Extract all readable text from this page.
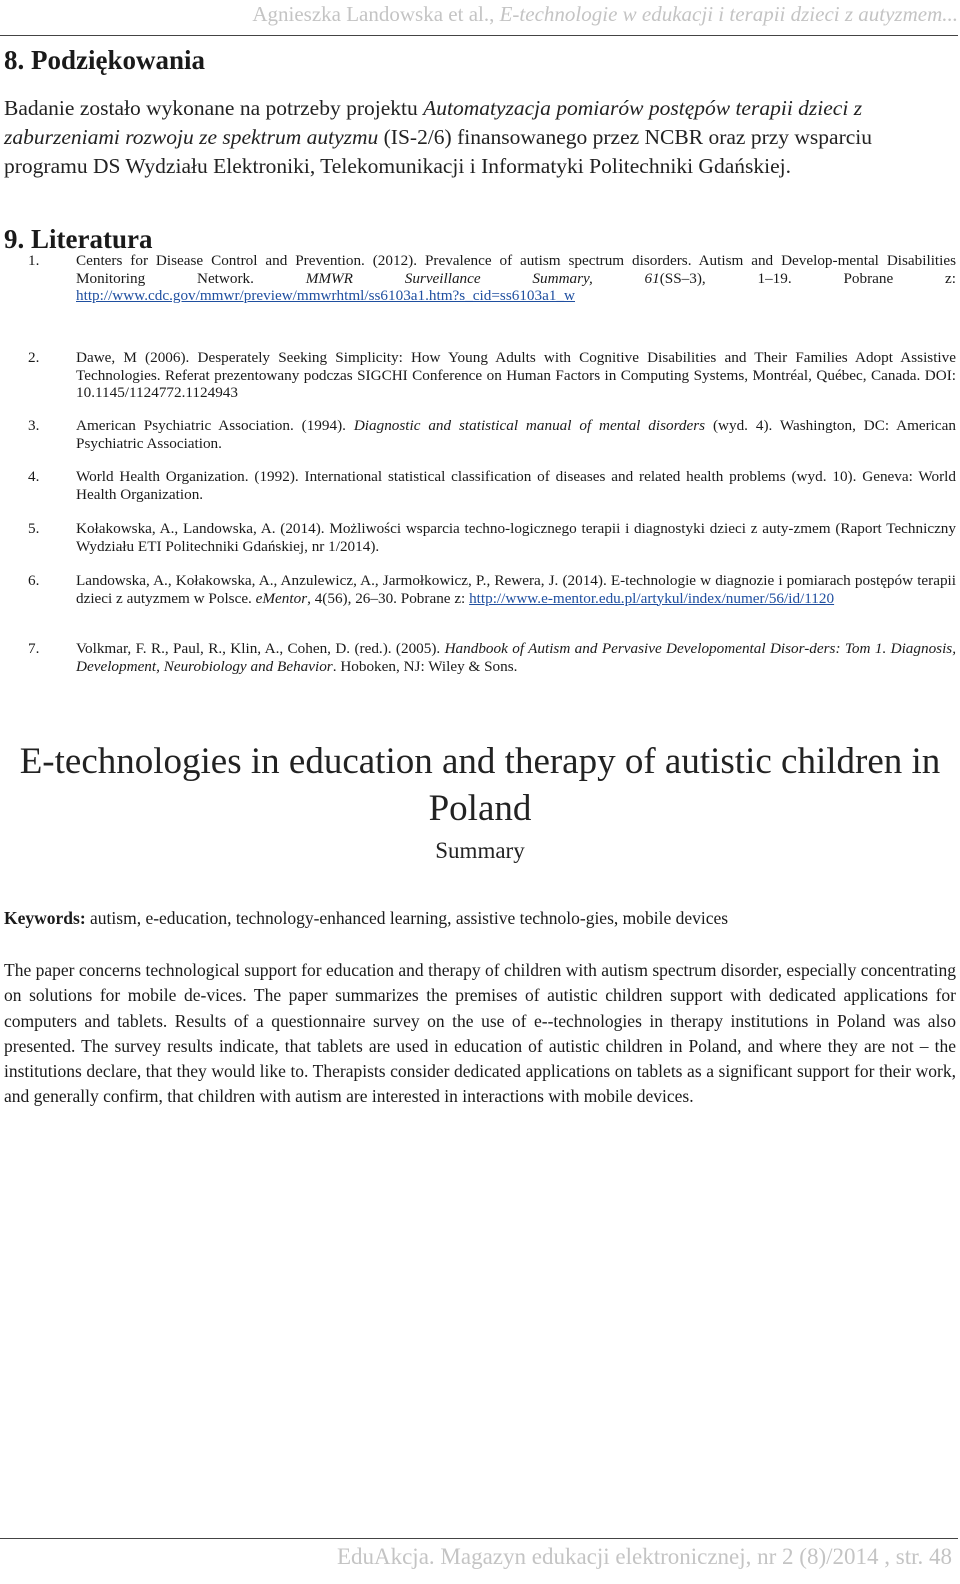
Agnieszka Landowska et al., E-technologie w edukacji i terapii dzieci z autyzmem...
8. Podziękowania

Badanie zostało wykonane na potrzeby projektu Automatyzacja pomiarów postępów terapii dzieci z zaburzeniami rozwoju ze spektrum autyzmu (IS-2/6) finansowanego przez NCBR oraz przy wsparciu programu DS Wydziału Elektroniki, Telekomunikacji i Informatyki Politechniki Gdańskiej.

9. Literatura
1.	Centers for Disease Control and Prevention. (2012). Prevalence of autism spectrum disorders. Autism and Develop-mental Disabilities Monitoring Network. MMWR Surveillance Summary, 61(SS–3), 1–19. Pobrane z: http://www.cdc.gov/mmwr/preview/mmwrhtml/ss6103a1.htm?s_cid=ss6103a1_w
2.	Dawe, M (2006). Desperately Seeking Simplicity: How Young Adults with Cognitive Disabilities and Their Families Adopt Assistive Technologies. Referat prezentowany podczas SIGCHI Conference on Human Factors in Computing Systems, Montréal, Québec, Canada. DOI: 10.1145/1124772.1124943
3.	American Psychiatric Association. (1994). Diagnostic and statistical manual of mental disorders (wyd. 4). Washington, DC: American Psychiatric Association.
4.	World Health Organization. (1992). International statistical classification of diseases and related health problems (wyd. 10). Geneva: World Health Organization.
5.	Kołakowska, A., Landowska, A. (2014). Możliwości wsparcia techno-logicznego terapii i diagnostyki dzieci z auty-zmem (Raport Techniczny Wydziału ETI Politechniki Gdańskiej, nr 1/2014).
6.	Landowska, A., Kołakowska, A., Anzulewicz, A., Jarmołkowicz, P., Rewera, J. (2014). E-technologie w diagnozie i pomiarach postępów terapii dzieci z autyzmem w Polsce. eMentor, 4(56), 26–30. Pobrane z: http://www.e-mentor.edu.pl/artykul/index/numer/56/id/1120
7.	Volkmar, F. R., Paul, R., Klin, A., Cohen, D. (red.). (2005). Handbook of Autism and Pervasive Developomental Disor-ders: Tom 1. Diagnosis, Development, Neurobiology and Behavior. Hoboken, NJ: Wiley & Sons.
E-technologies in education and therapy of autistic children in Poland

Summary

Keywords: autism, e-education, technology-enhanced learning, assistive technolo-gies, mobile devices

The paper concerns technological support for education and therapy of children with autism spectrum disorder, especially concentrating on solutions for mobile de-vices. The paper summarizes the premises of autistic children support with dedicated applications for computers and tablets. Results of a questionnaire survey on the use of e--technologies in therapy institutions in Poland was also presented. The survey results indicate, that tablets are used in education of autistic children in Poland, and where they are not – the institutions declare, that they would like to. Therapists consider dedicated applications on tablets as a significant support for their work, and generally confirm, that children with autism are interested in interactions with mobile devices.

EduAkcja. Magazyn edukacji elektronicznej, nr 2 (8)/2014 , str. 48
